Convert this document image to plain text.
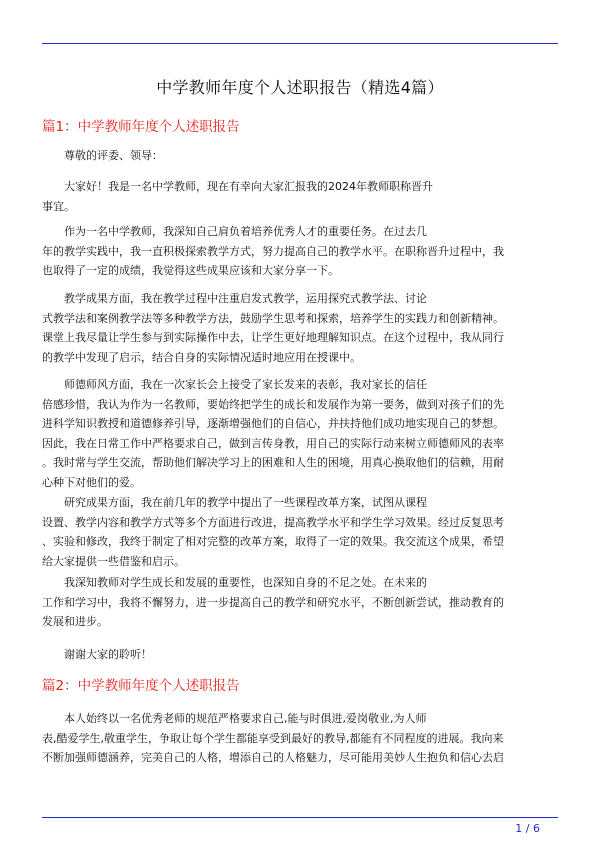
中学教师年度个人述职报告（精选4篇）
篇1：中学教师年度个人述职报告

　　尊敬的评委、领导：

　　大家好！我是一名中学教师，现在有幸向大家汇报我的2024年教师职称晋升
事宜。

　　作为一名中学教师，我深知自己肩负着培养优秀人才的重要任务。在过去几
年的教学实践中，我一直积极探索教学方式，努力提高自己的教学水平。在职称晋升过程中，我
也取得了一定的成绩，我觉得这些成果应该和大家分享一下。

　　教学成果方面，我在教学过程中注重启发式教学，运用探究式教学法、讨论
式教学法和案例教学法等多种教学方法，鼓励学生思考和探索，培养学生的实践力和创新精神。
课堂上我尽量让学生参与到实际操作中去，让学生更好地理解知识点。在这个过程中，我从同行
的教学中发现了启示，结合自身的实际情况适时地应用在授课中。

　　师德师风方面，我在一次家长会上接受了家长发来的表彰，我对家长的信任
倍感珍惜，我认为作为一名教师，要始终把学生的成长和发展作为第一要务，做到对孩子们的先
进科学知识教授和道德修养引导，逐渐增强他们的自信心，并扶持他们成功地实现自己的梦想。
因此，我在日常工作中严格要求自己，做到言传身教，用自己的实际行动来树立师德师风的表率
。我时常与学生交流，帮助他们解决学习上的困难和人生的困境，用真心换取他们的信赖，用耐
心种下对他们的爱。

　　研究成果方面，我在前几年的教学中提出了一些课程改革方案，试图从课程
设置、教学内容和教学方式等多个方面进行改进，提高教学水平和学生学习效果。经过反复思考
、实验和修改，我终于制定了相对完整的改革方案，取得了一定的效果。我交流这个成果，希望
给大家提供一些借鉴和启示。

　　我深知教师对学生成长和发展的重要性，也深知自身的不足之处。在未来的
工作和学习中，我将不懈努力，进一步提高自己的教学和研究水平，不断创新尝试，推动教育的
发展和进步。

　　谢谢大家的聆听！

篇2：中学教师年度个人述职报告

　　本人始终以一名优秀老师的规范严格要求自己,能与时俱进,爱岗敬业,为人师
表,酷爱学生,敬重学生，争取让每个学生都能享受到最好的教导,都能有不同程度的进展。我向来
不断加强师德涵养，完美自己的人格，增添自己的人格魅力，尽可能用美妙人生抱负和信心去启

1 / 6
